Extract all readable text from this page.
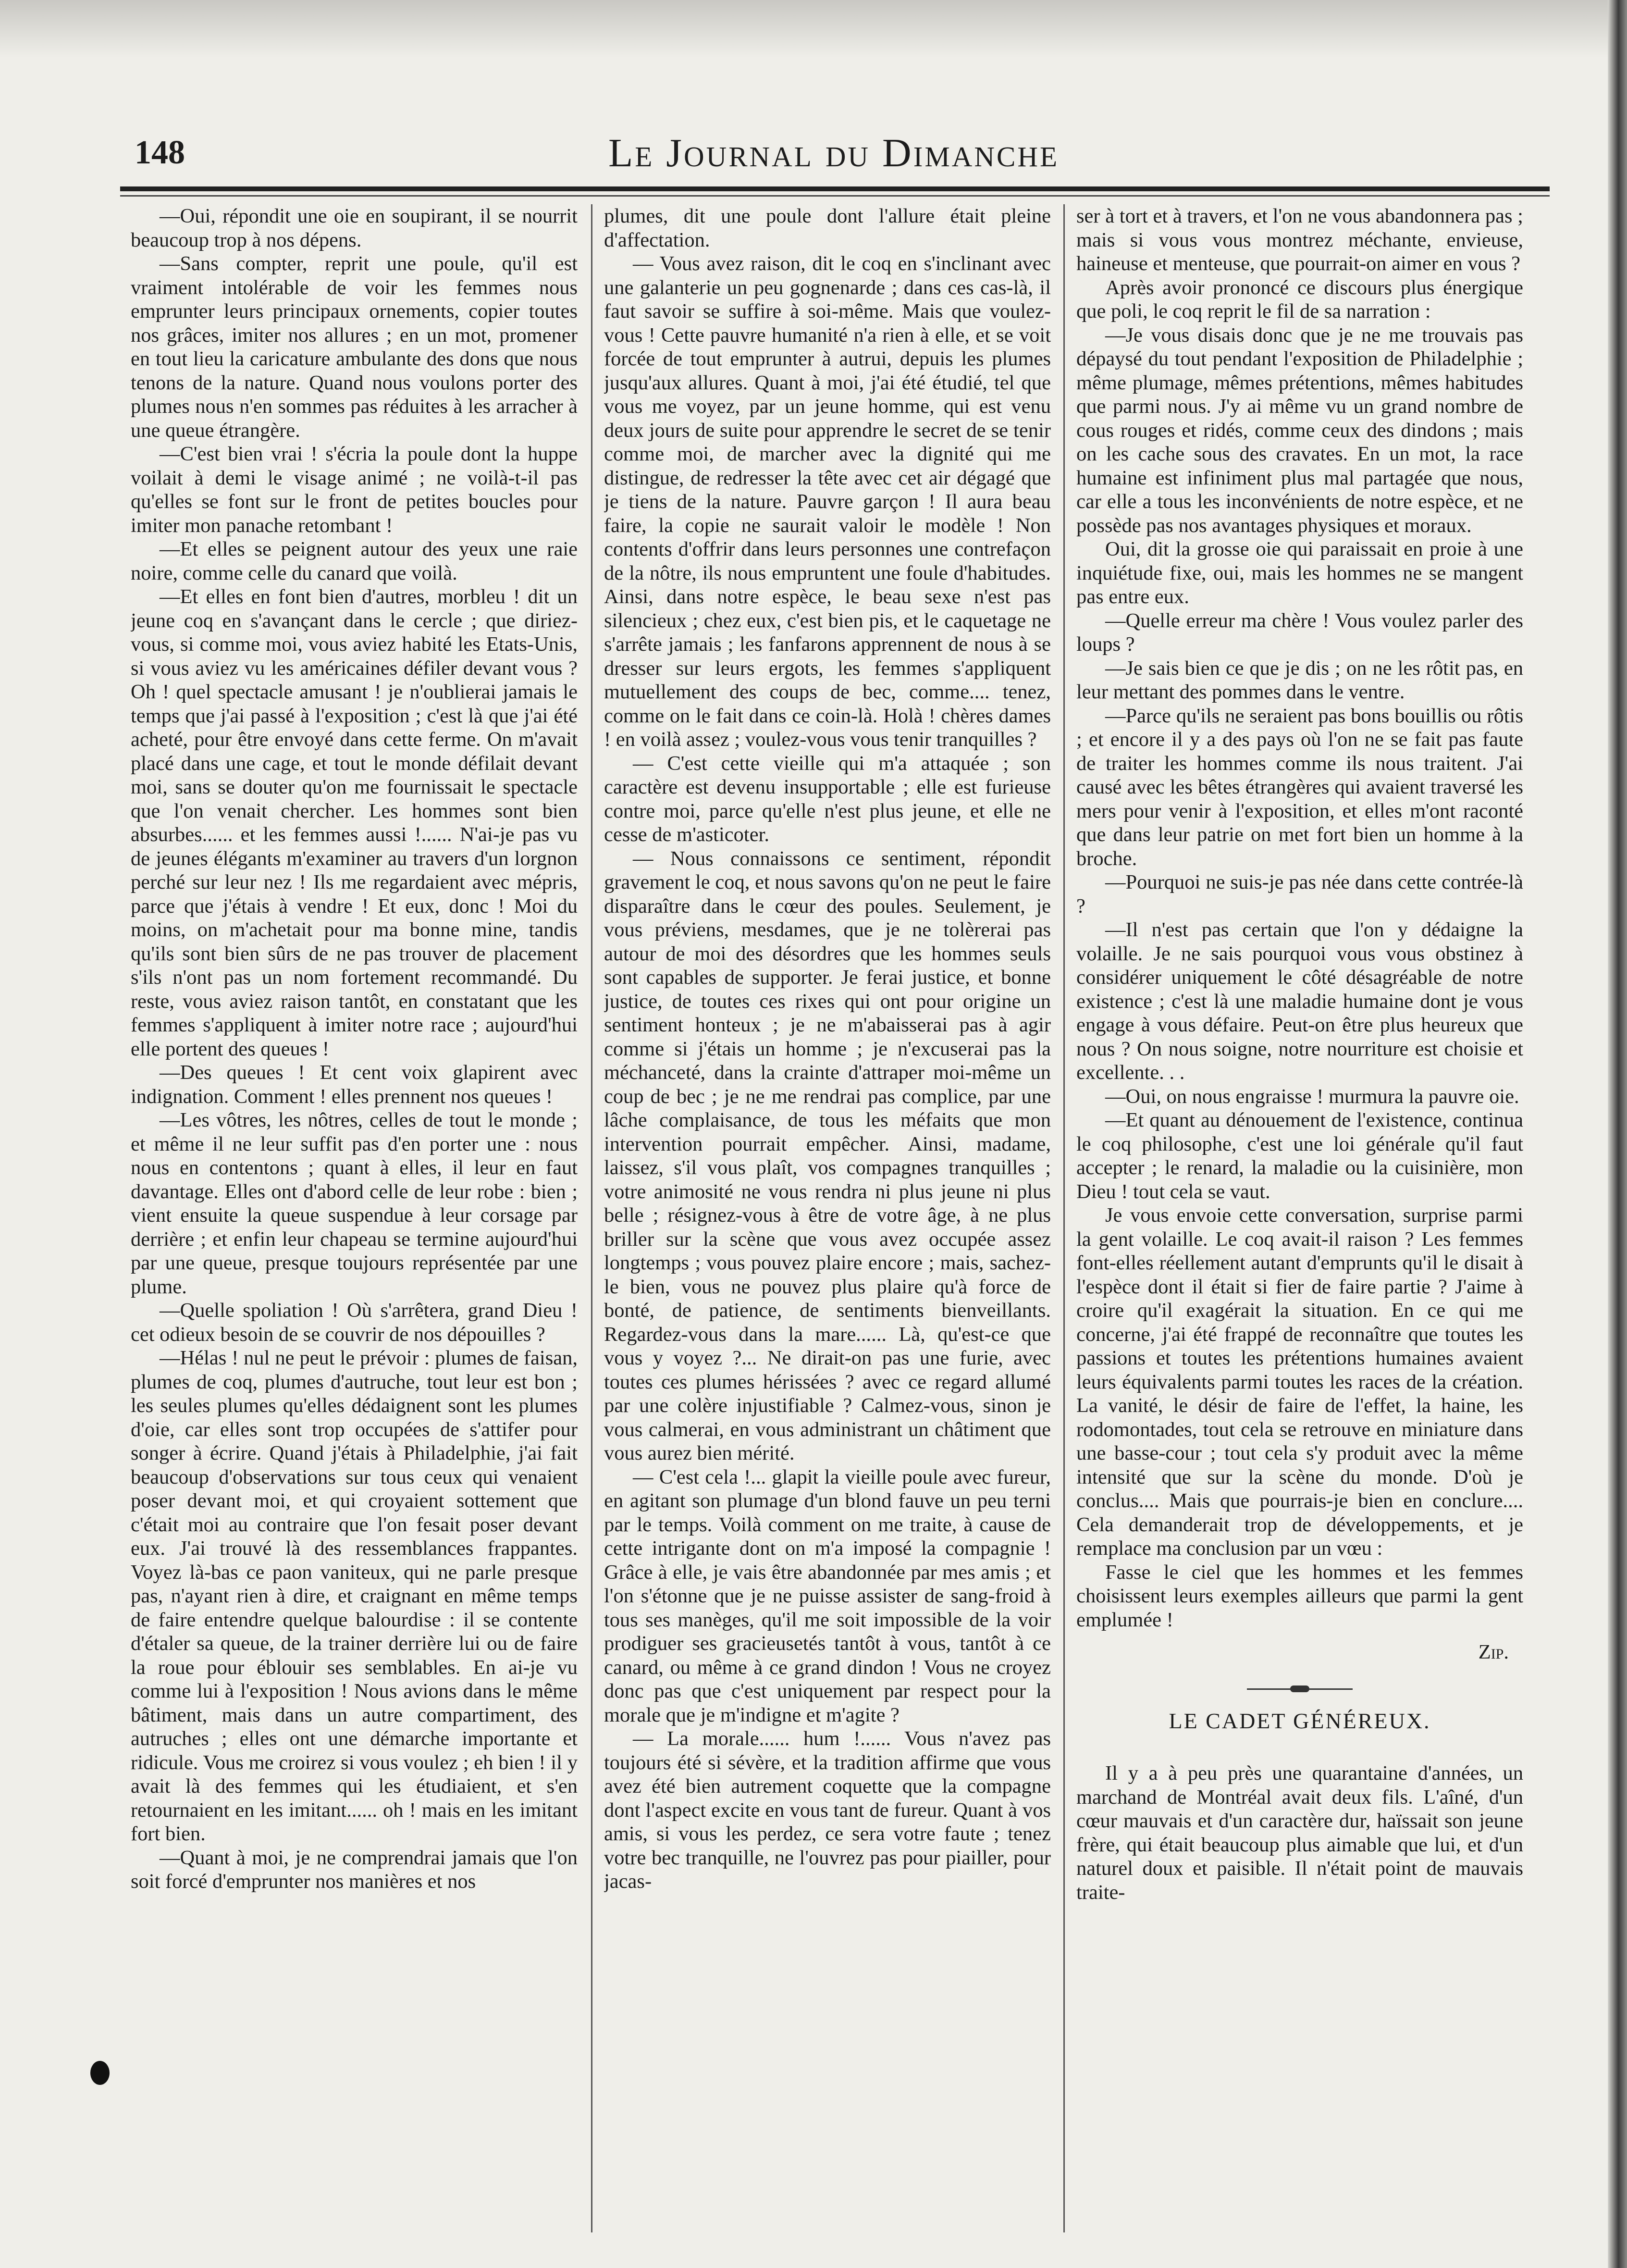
148	Le Journal du Dimanche

—Oui, répondit une oie en soupirant, il se nourrit beaucoup trop à nos dépens.

—Sans compter, reprit une poule, qu'il est vraiment intolérable de voir les femmes nous emprunter leurs principaux ornements, copier toutes nos grâces, imiter nos allures ; en un mot, promener en tout lieu la caricature ambulante des dons que nous tenons de la nature. Quand nous voulons porter des plumes nous n'en sommes pas réduites à les arracher à une queue étrangère.

—C'est bien vrai ! s'écria la poule dont la huppe voilait à demi le visage animé ; ne voilà-t-il pas qu'elles se font sur le front de petites boucles pour imiter mon panache retombant !

—Et elles se peignent autour des yeux une raie noire, comme celle du canard que voilà.

—Et elles en font bien d'autres, morbleu ! dit un jeune coq en s'avançant dans le cercle ; que diriez-vous, si comme moi, vous aviez habité les Etats-Unis, si vous aviez vu les américaines défiler devant vous ? Oh ! quel spectacle amusant ! je n'oublierai jamais le temps que j'ai passé à l'exposition ; c'est là que j'ai été acheté, pour être envoyé dans cette ferme. On m'avait placé dans une cage, et tout le monde défilait devant moi, sans se douter qu'on me fournissait le spectacle que l'on venait chercher. Les hommes sont bien absurbes...... et les femmes aussi !...... N'ai-je pas vu de jeunes élégants m'examiner au travers d'un lorgnon perché sur leur nez ! Ils me regardaient avec mépris, parce que j'étais à vendre ! Et eux, donc ! Moi du moins, on m'achetait pour ma bonne mine, tandis qu'ils sont bien sûrs de ne pas trouver de placement s'ils n'ont pas un nom fortement recommandé. Du reste, vous aviez raison tantôt, en constatant que les femmes s'appliquent à imiter notre race ; aujourd'hui elle portent des queues !

—Des queues ! Et cent voix glapirent avec indignation. Comment ! elles prennent nos queues !

—Les vôtres, les nôtres, celles de tout le monde ; et même il ne leur suffit pas d'en porter une : nous nous en contentons ; quant à elles, il leur en faut davantage. Elles ont d'abord celle de leur robe : bien ; vient ensuite la queue suspendue à leur corsage par derrière ; et enfin leur chapeau se termine aujourd'hui par une queue, presque toujours représentée par une plume.

—Quelle spoliation ! Où s'arrêtera, grand Dieu ! cet odieux besoin de se couvrir de nos dépouilles ?

—Hélas ! nul ne peut le prévoir : plumes de faisan, plumes de coq, plumes d'autruche, tout leur est bon ; les seules plumes qu'elles dédaignent sont les plumes d'oie, car elles sont trop occupées de s'attifer pour songer à écrire. Quand j'étais à Philadelphie, j'ai fait beaucoup d'observations sur tous ceux qui venaient poser devant moi, et qui croyaient sottement que c'était moi au contraire que l'on fesait poser devant eux. J'ai trouvé là des ressemblances frappantes. Voyez là-bas ce paon vaniteux, qui ne parle presque pas, n'ayant rien à dire, et craignant en même temps de faire entendre quelque balourdise : il se contente d'étaler sa queue, de la trainer derrière lui ou de faire la roue pour éblouir ses semblables. En ai-je vu comme lui à l'exposition ! Nous avions dans le même bâtiment, mais dans un autre compartiment, des autruches ; elles ont une démarche importante et ridicule. Vous me croirez si vous voulez ; eh bien ! il y avait là des femmes qui les étudiaient, et s'en retournaient en les imitant...... oh ! mais en les imitant fort bien.

—Quant à moi, je ne comprendrai jamais que l'on soit forcé d'emprunter nos manières et nos

plumes, dit une poule dont l'allure était pleine d'affectation.

— Vous avez raison, dit le coq en s'inclinant avec une galanterie un peu gognenarde ; dans ces cas-là, il faut savoir se suffire à soi-même. Mais que voulez-vous ! Cette pauvre humanité n'a rien à elle, et se voit forcée de tout emprunter à autrui, depuis les plumes jusqu'aux allures. Quant à moi, j'ai été étudié, tel que vous me voyez, par un jeune homme, qui est venu deux jours de suite pour apprendre le secret de se tenir comme moi, de marcher avec la dignité qui me distingue, de redresser la tête avec cet air dégagé que je tiens de la nature. Pauvre garçon ! Il aura beau faire, la copie ne saurait valoir le modèle ! Non contents d'offrir dans leurs personnes une contrefaçon de la nôtre, ils nous empruntent une foule d'habitudes. Ainsi, dans notre espèce, le beau sexe n'est pas silencieux ; chez eux, c'est bien pis, et le caquetage ne s'arrête jamais ; les fanfarons apprennent de nous à se dresser sur leurs ergots, les femmes s'appliquent mutuellement des coups de bec, comme.... tenez, comme on le fait dans ce coin-là. Holà ! chères dames ! en voilà assez ; voulez-vous vous tenir tranquilles ?

— C'est cette vieille qui m'a attaquée ; son caractère est devenu insupportable ; elle est furieuse contre moi, parce qu'elle n'est plus jeune, et elle ne cesse de m'asticoter.

— Nous connaissons ce sentiment, répondit gravement le coq, et nous savons qu'on ne peut le faire disparaître dans le cœur des poules. Seulement, je vous préviens, mesdames, que je ne tolèrerai pas autour de moi des désordres que les hommes seuls sont capables de supporter. Je ferai justice, et bonne justice, de toutes ces rixes qui ont pour origine un sentiment honteux ; je ne m'abaisserai pas à agir comme si j'étais un homme ; je n'excuserai pas la méchanceté, dans la crainte d'attraper moi-même un coup de bec ; je ne me rendrai pas complice, par une lâche complaisance, de tous les méfaits que mon intervention pourrait empêcher. Ainsi, madame, laissez, s'il vous plaît, vos compagnes tranquilles ; votre animosité ne vous rendra ni plus jeune ni plus belle ; résignez-vous à être de votre âge, à ne plus briller sur la scène que vous avez occupée assez longtemps ; vous pouvez plaire encore ; mais, sachez-le bien, vous ne pouvez plus plaire qu'à force de bonté, de patience, de sentiments bienveillants. Regardez-vous dans la mare...... Là, qu'est-ce que vous y voyez ?... Ne dirait-on pas une furie, avec toutes ces plumes hérissées ? avec ce regard allumé par une colère injustifiable ? Calmez-vous, sinon je vous calmerai, en vous administrant un châtiment que vous aurez bien mérité.

— C'est cela !... glapit la vieille poule avec fureur, en agitant son plumage d'un blond fauve un peu terni par le temps. Voilà comment on me traite, à cause de cette intrigante dont on m'a imposé la compagnie ! Grâce à elle, je vais être abandonnée par mes amis ; et l'on s'étonne que je ne puisse assister de sang-froid à tous ses manèges, qu'il me soit impossible de la voir prodiguer ses gracieusetés tantôt à vous, tantôt à ce canard, ou même à ce grand dindon ! Vous ne croyez donc pas que c'est uniquement par respect pour la morale que je m'indigne et m'agite ?

— La morale...... hum !...... Vous n'avez pas toujours été si sévère, et la tradition affirme que vous avez été bien autrement coquette que la compagne dont l'aspect excite en vous tant de fureur. Quant à vos amis, si vous les perdez, ce sera votre faute ; tenez votre bec tranquille, ne l'ouvrez pas pour piailler, pour jacas-

ser à tort et à travers, et l'on ne vous abandonnera pas ; mais si vous vous montrez méchante, envieuse, haineuse et menteuse, que pourrait-on aimer en vous ?

Après avoir prononcé ce discours plus énergique que poli, le coq reprit le fil de sa narration :

—Je vous disais donc que je ne me trouvais pas dépaysé du tout pendant l'exposition de Philadelphie ; même plumage, mêmes prétentions, mêmes habitudes que parmi nous. J'y ai même vu un grand nombre de cous rouges et ridés, comme ceux des dindons ; mais on les cache sous des cravates. En un mot, la race humaine est infiniment plus mal partagée que nous, car elle a tous les inconvénients de notre espèce, et ne possède pas nos avantages physiques et moraux.

Oui, dit la grosse oie qui paraissait en proie à une inquiétude fixe, oui, mais les hommes ne se mangent pas entre eux.

—Quelle erreur ma chère ! Vous voulez parler des loups ?

—Je sais bien ce que je dis ; on ne les rôtit pas, en leur mettant des pommes dans le ventre.

—Parce qu'ils ne seraient pas bons bouillis ou rôtis ; et encore il y a des pays où l'on ne se fait pas faute de traiter les hommes comme ils nous traitent. J'ai causé avec les bêtes étrangères qui avaient traversé les mers pour venir à l'exposition, et elles m'ont raconté que dans leur patrie on met fort bien un homme à la broche.

—Pourquoi ne suis-je pas née dans cette contrée-là ?

—Il n'est pas certain que l'on y dédaigne la volaille. Je ne sais pourquoi vous vous obstinez à considérer uniquement le côté désagréable de notre existence ; c'est là une maladie humaine dont je vous engage à vous défaire. Peut-on être plus heureux que nous ? On nous soigne, notre nourriture est choisie et excellente. . .

—Oui, on nous engraisse ! murmura la pauvre oie.

—Et quant au dénouement de l'existence, continua le coq philosophe, c'est une loi générale qu'il faut accepter ; le renard, la maladie ou la cuisinière, mon Dieu ! tout cela se vaut.

Je vous envoie cette conversation, surprise parmi la gent volaille. Le coq avait-il raison ? Les femmes font-elles réellement autant d'emprunts qu'il le disait à l'espèce dont il était si fier de faire partie ? J'aime à croire qu'il exagérait la situation. En ce qui me concerne, j'ai été frappé de reconnaître que toutes les passions et toutes les prétentions humaines avaient leurs équivalents parmi toutes les races de la création. La vanité, le désir de faire de l'effet, la haine, les rodomontades, tout cela se retrouve en miniature dans une basse-cour ; tout cela s'y produit avec la même intensité que sur la scène du monde. D'où je conclus.... Mais que pourrais-je bien en conclure.... Cela demanderait trop de développements, et je remplace ma conclusion par un vœu :

Fasse le ciel que les hommes et les femmes choisissent leurs exemples ailleurs que parmi la gent emplumée !

Zip.

LE CADET GÉNÉREUX.

Il y a à peu près une quarantaine d'années, un marchand de Montréal avait deux fils. L'aîné, d'un cœur mauvais et d'un caractère dur, haïssait son jeune frère, qui était beaucoup plus aimable que lui, et d'un naturel doux et paisible. Il n'était point de mauvais traite-
